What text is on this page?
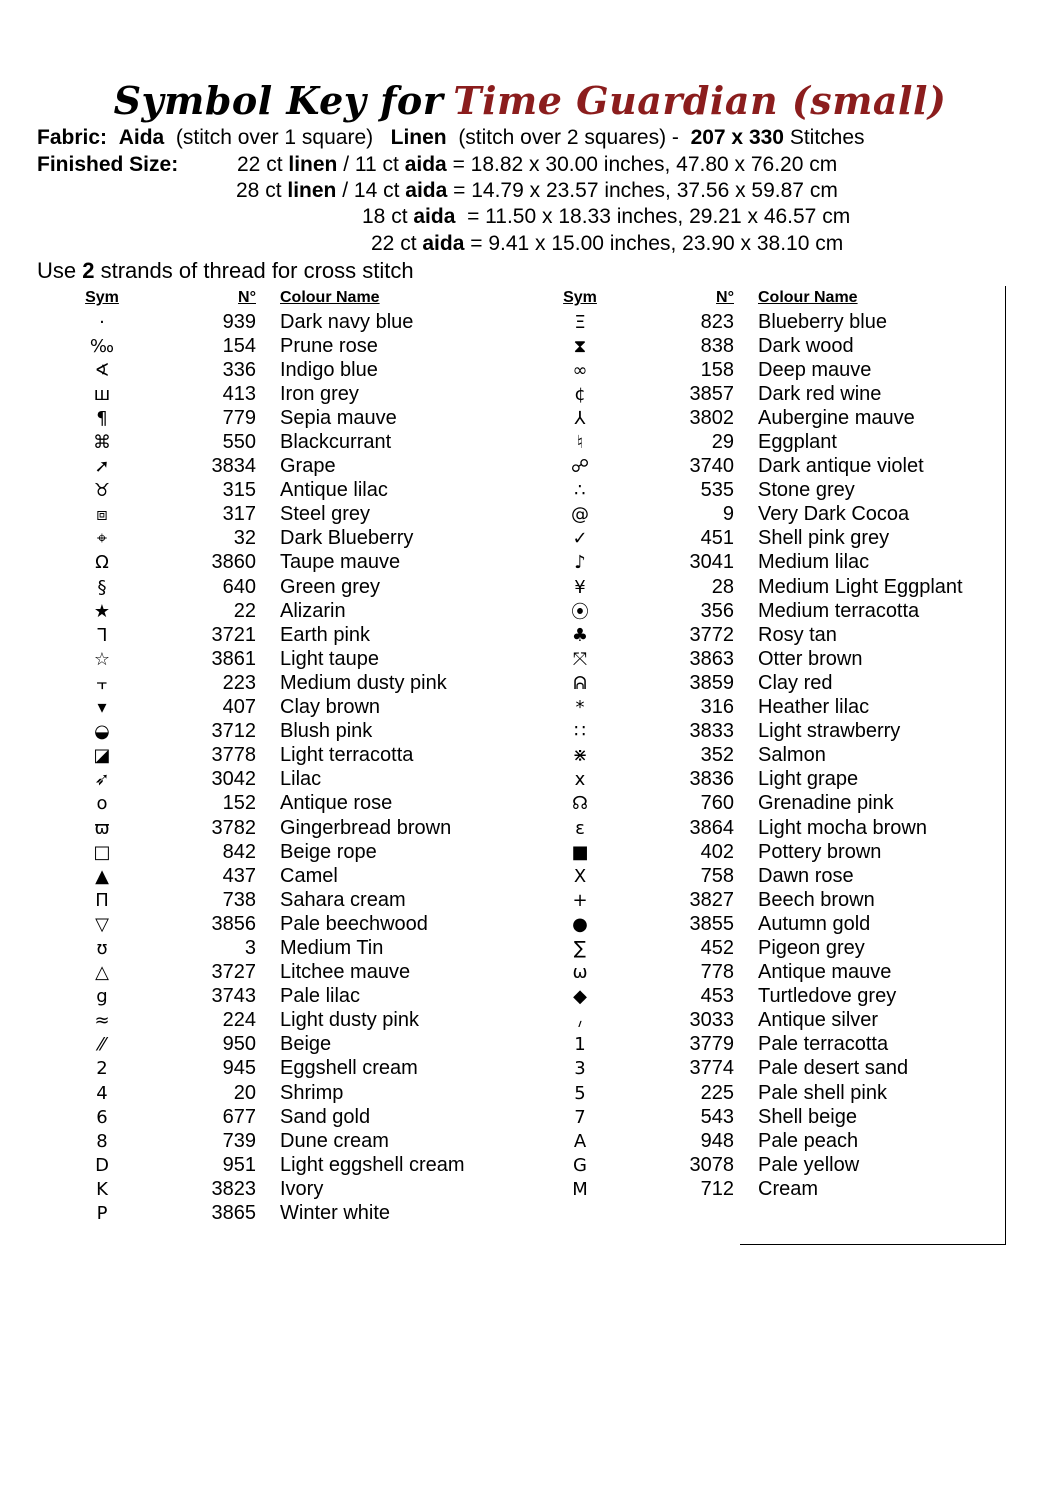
Symbol Key for Time Guardian (small)
Fabric: Aida (stitch over 1 square) Linen (stitch over 2 squares) - 207 x 330 Stitches
Finished Size:	22 ct linen / 11 ct aida = 18.82 x 30.00 inches, 47.80 x 76.20 cm
28 ct linen / 14 ct aida = 14.79 x 23.57 inches, 37.56 x 59.87 cm
18 ct aida  = 11.50 x 18.33 inches, 29.21 x 46.57 cm
22 ct aida = 9.41 x 15.00 inches, 23.90 x 38.10 cm
Use 2 strands of thread for cross stitch
Sym	N°	Colour Name
·	939	Dark navy blue
‰	154	Prune rose
∢	336	Indigo blue
ш	413	Iron grey
¶	779	Sepia mauve
⌘	550	Blackcurrant
➚	3834	Grape
♉	315	Antique lilac
⧈	317	Steel grey
⌖	32	Dark Blueberry
Ω	3860	Taupe mauve
§	640	Green grey
★	22	Alizarin
ᒣ	3721	Earth pink
☆	3861	Light taupe
⫟	223	Medium dusty pink
▾	407	Clay brown
◒	3712	Blush pink
◪	3778	Light terracotta
➶	3042	Lilac
o	152	Antique rose
ϖ	3782	Gingerbread brown
□	842	Beige rope
▲	437	Camel
П	738	Sahara cream
▽	3856	Pale beechwood
ʊ	3	Medium Tin
△	3727	Litchee mauve
g	3743	Pale lilac
≈	224	Light dusty pink
⁄⁄	950	Beige
2	945	Eggshell cream
4	20	Shrimp
6	677	Sand gold
8	739	Dune cream
D	951	Light eggshell cream
K	3823	Ivory
P	3865	Winter white
Sym	N°	Colour Name
Ξ	823	Blueberry blue
⧗	838	Dark wood
∞	158	Deep mauve
¢	3857	Dark red wine
⅄	3802	Aubergine mauve
♮	29	Eggplant
☍	3740	Dark antique violet
∴	535	Stone grey
@	9	Very Dark Cocoa
✓	451	Shell pink grey
♪	3041	Medium lilac
¥	28	Medium Light Eggplant
⦿	356	Medium terracotta
♣	3772	Rosy tan
⤧	3863	Otter brown
ᕱ	3859	Clay red
*	316	Heather lilac
∷	3833	Light strawberry
⋇	352	Salmon
x	3836	Light grape
☊	760	Grenadine pink
ε	3864	Light mocha brown
■	402	Pottery brown
X	758	Dawn rose
+	3827	Beech brown
●	3855	Autumn gold
∑	452	Pigeon grey
ω	778	Antique mauve
◆	453	Turtledove grey
៸	3033	Antique silver
1	3779	Pale terracotta
3	3774	Pale desert sand
5	225	Pale shell pink
7	543	Shell beige
A	948	Pale peach
G	3078	Pale yellow
M	712	Cream
